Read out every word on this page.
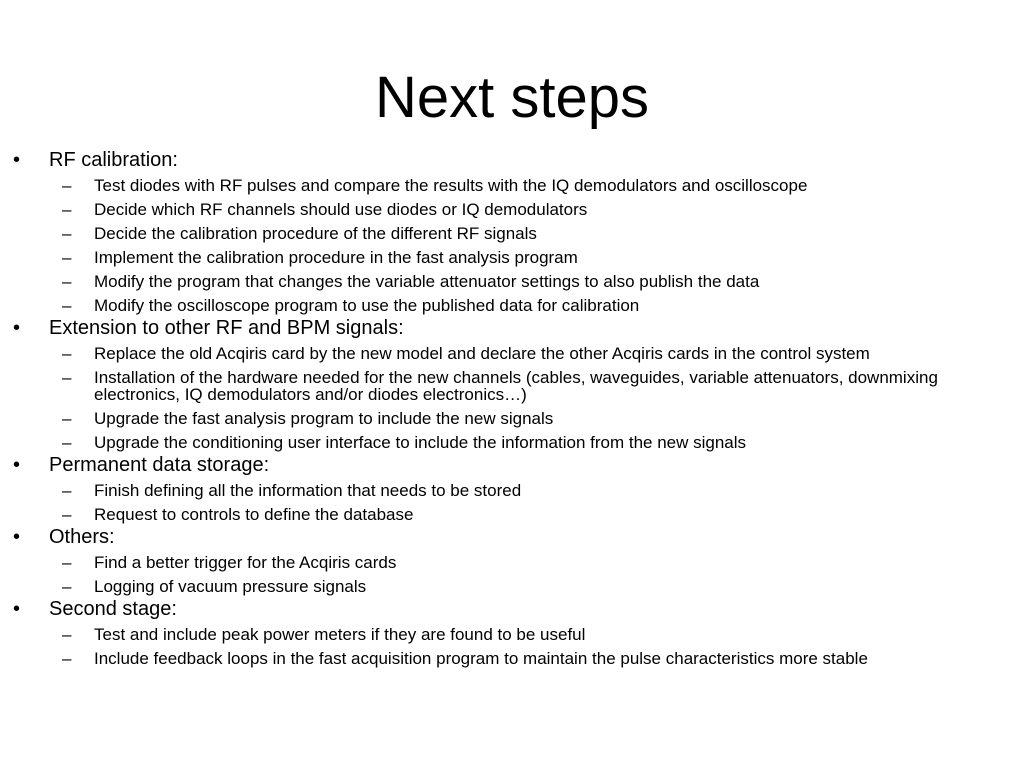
Next steps
•	RF calibration:
– Test diodes with RF pulses and compare the results with the IQ demodulators and oscilloscope
– Decide which RF channels should use diodes or IQ demodulators
– Decide the calibration procedure of the different RF signals
– Implement the calibration procedure in the fast analysis program
– Modify the program that changes the variable attenuator settings to also publish the data
– Modify the oscilloscope program to use the published data for calibration
•	Extension to other RF and BPM signals:
– Replace the old Acqiris card by the new model and declare the other Acqiris cards in the control system
– Installation of the hardware needed for the new channels (cables, waveguides, variable attenuators, downmixing electronics, IQ demodulators and/or diodes electronics…)
– Upgrade the fast analysis program to include the new signals
– Upgrade the conditioning user interface to include the information from the new signals
•	Permanent data storage:
– Finish defining all the information that needs to be stored
– Request to controls to define the database
•	Others:
– Find a better trigger for the Acqiris cards
– Logging of vacuum pressure signals
•	Second stage:
– Test and include peak power meters if they are found to be useful
– Include feedback loops in the fast acquisition program to maintain the pulse characteristics more stable
